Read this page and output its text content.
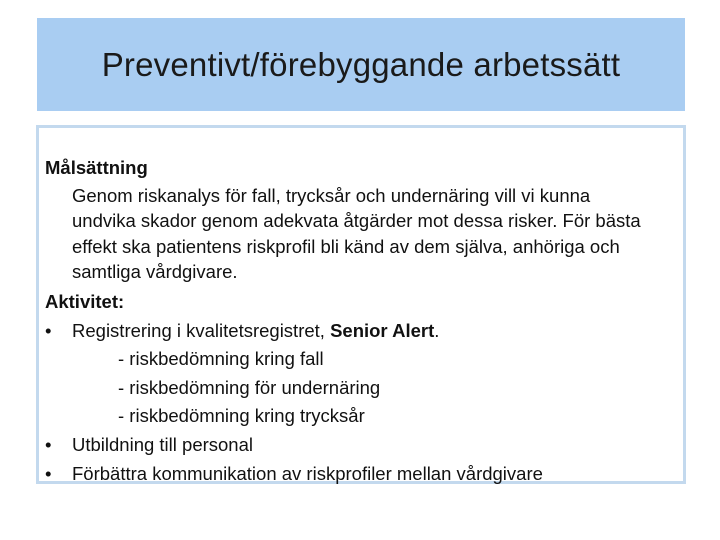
Preventivt/förebyggande arbetssätt
Målsättning
Genom riskanalys för fall, trycksår och undernäring vill vi kunna undvika skador genom adekvata åtgärder mot dessa risker. För bästa effekt ska patientens riskprofil bli känd av dem själva, anhöriga och samtliga vårdgivare.
Aktivitet:
•	Registrering i kvalitetsregistret, Senior Alert.
- riskbedömning kring fall
- riskbedömning för undernäring
- riskbedömning kring trycksår
•	Utbildning till personal
•	Förbättra kommunikation av riskprofiler mellan vårdgivare
